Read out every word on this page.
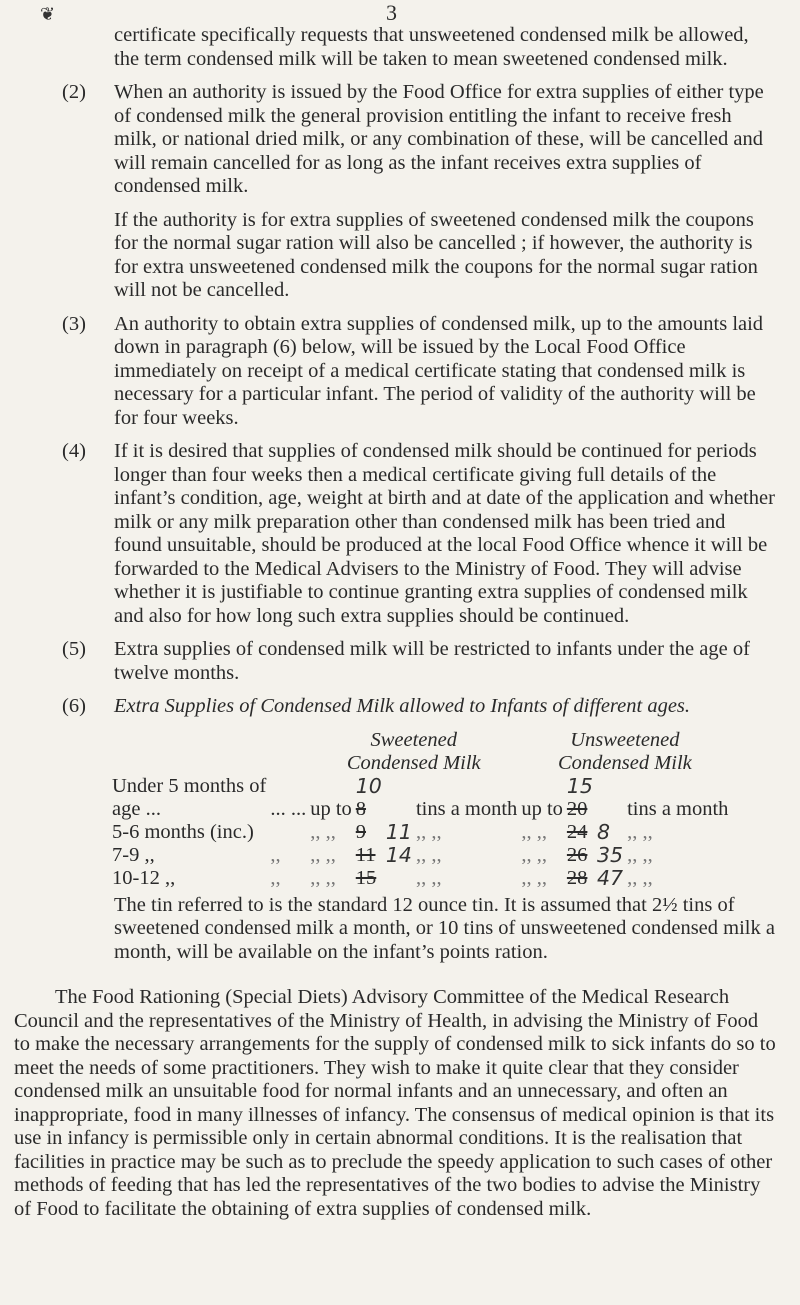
❦	3

certificate specifically requests that unsweetened condensed milk be allowed, the term condensed milk will be taken to mean sweetened condensed milk.

(2) When an authority is issued by the Food Office for extra supplies of either type of condensed milk the general provision entitling the infant to receive fresh milk, or national dried milk, or any combination of these, will be cancelled and will remain cancelled for as long as the infant receives extra supplies of condensed milk.

If the authority is for extra supplies of sweetened condensed milk the coupons for the normal sugar ration will also be cancelled ; if however, the authority is for extra unsweetened condensed milk the coupons for the normal sugar ration will not be cancelled.

(3) An authority to obtain extra supplies of condensed milk, up to the amounts laid down in paragraph (6) below, will be issued by the Local Food Office immediately on receipt of a medical certificate stating that condensed milk is necessary for a particular infant. The period of validity of the authority will be for four weeks.

(4) If it is desired that supplies of condensed milk should be continued for periods longer than four weeks then a medical certificate giving full details of the infant’s condition, age, weight at birth and at date of the application and whether milk or any milk preparation other than condensed milk has been tried and found unsuitable, should be produced at the local Food Office whence it will be forwarded to the Medical Advisers to the Ministry of Food. They will advise whether it is justifiable to continue granting extra supplies of condensed milk and also for how long such extra supplies should be continued.

(5) Extra supplies of condensed milk will be restricted to infants under the age of twelve months.

(6) Extra Supplies of Condensed Milk allowed to Infants of different ages.

		Sweetened				Unsweetened			
		Condensed Milk				Condensed Milk			
Under 5 months of			10				15		
age ...	... ...	up to	8		tins a month	up to	20		tins a month
5-6 months (inc.)		,, ,,	9	11	,, ,,	,, ,,	24	8	,, ,,
7-9 ,,	,,	,, ,,	11	14	,, ,,	,, ,,	26	35	,, ,,
10-12 ,,	,,	,, ,,	15		,, ,,	,, ,,	28	47	,, ,,

The tin referred to is the standard 12 ounce tin. It is assumed that 2½ tins of sweetened condensed milk a month, or 10 tins of unsweetened condensed milk a month, will be available on the infant’s points ration.

The Food Rationing (Special Diets) Advisory Committee of the Medical Research Council and the representatives of the Ministry of Health, in advising the Ministry of Food to make the necessary arrangements for the supply of condensed milk to sick infants do so to meet the needs of some practitioners. They wish to make it quite clear that they consider condensed milk an unsuitable food for normal infants and an unnecessary, and often an inappropriate, food in many illnesses of infancy. The consensus of medical opinion is that its use in infancy is permissible only in certain abnormal conditions. It is the realisation that facilities in practice may be such as to preclude the speedy application to such cases of other methods of feeding that has led the representatives of the two bodies to advise the Ministry of Food to facilitate the obtaining of extra supplies of condensed milk.
